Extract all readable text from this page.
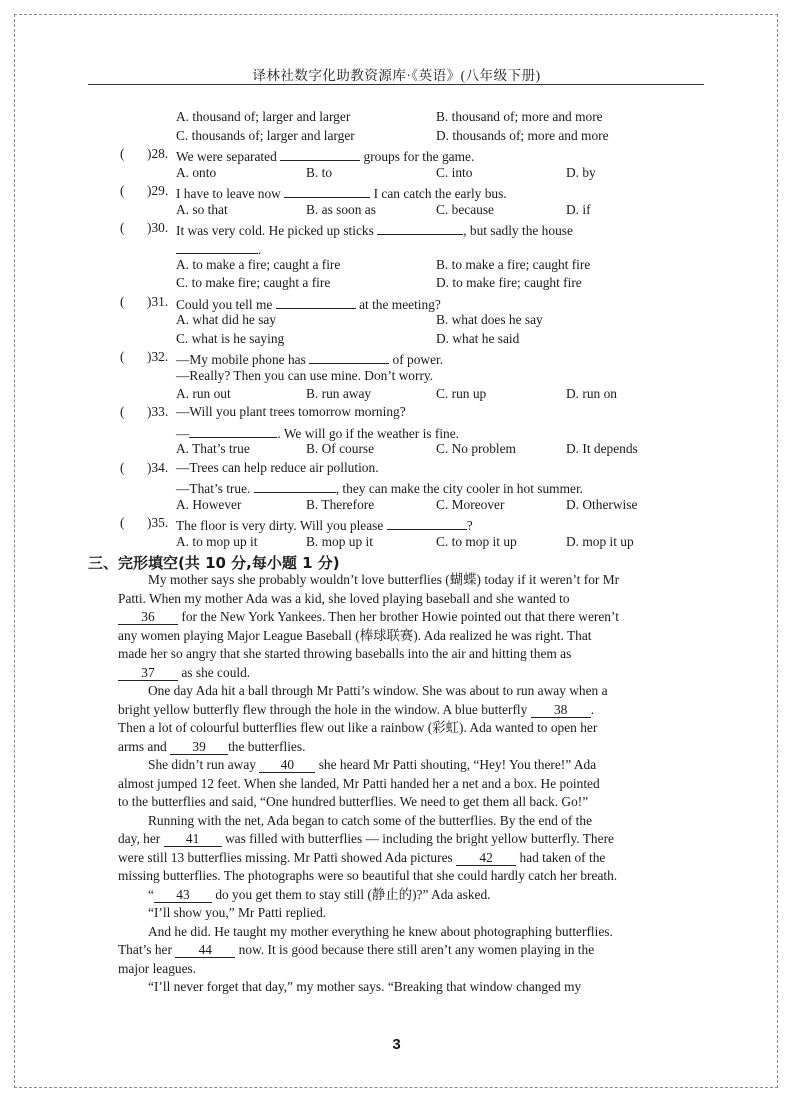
译林社数字化助教资源库·《英语》(八年级下册)
A. thousand of; larger and larger	B. thousand of; more and more
C. thousands of; larger and larger	D. thousands of; more and more
( )28. We were separated	groups for the game.
A. onto	B. to	C. into	D. by
( )29. I have to leave now	I can catch the early bus.
A. so that	B. as soon as	C. because	D. if
( )30. It was very cold. He picked up sticks	, but sadly the house
.
A. to make a fire; caught a fire	B. to make a fire; caught fire
C. to make fire; caught a fire	D. to make fire; caught fire
( )31. Could you tell me	at the meeting?
A. what did he say	B. what does he say
C. what is he saying	D. what he said
( )32. —My mobile phone has	of power.
—Really? Then you can use mine. Don’t worry.
A. run out	B. run away	C. run up	D. run on
( )33. —Will you plant trees tomorrow morning?
—	. We will go if the weather is fine.
A. That’s true	B. Of course	C. No problem	D. It depends
( )34. —Trees can help reduce air pollution.
—That’s true.	, they can make the city cooler in hot summer.
A. However	B. Therefore	C. Moreover	D. Otherwise
( )35. The floor is very dirty. Will you please	?
A. to mop up it	B. mop up it	C. to mop it up	D. mop it up
三、完形填空(共 10 分,每小题 1 分)
My mother says she probably wouldn’t love butterflies (蝴蝶) today if it weren’t for Mr
Patti. When my mother Ada was a kid, she loved playing baseball and she wanted to
36 for the New York Yankees. Then her brother Howie pointed out that there weren’t
any women playing Major League Baseball (棒球联赛). Ada realized he was right. That
made her so angry that she started throwing baseballs into the air and hitting them as
37 as she could.
One day Ada hit a ball through Mr Patti’s window. She was about to run away when a
bright yellow butterfly flew through the hole in the window. A blue butterfly 38 .
Then a lot of colourful butterflies flew out like a rainbow (彩虹). Ada wanted to open her
arms and 39 the butterflies.
She didn’t run away 40 she heard Mr Patti shouting, “Hey! You there!” Ada
almost jumped 12 feet. When she landed, Mr Patti handed her a net and a box. He pointed
to the butterflies and said, “One hundred butterflies. We need to get them all back. Go!”
Running with the net, Ada began to catch some of the butterflies. By the end of the
day, her 41 was filled with butterflies — including the bright yellow butterfly. There
were still 13 butterflies missing. Mr Patti showed Ada pictures 42 had taken of the
missing butterflies. The photographs were so beautiful that she could hardly catch her breath.
“ 43 do you get them to stay still (静止的)?” Ada asked.
“I’ll show you,” Mr Patti replied.
And he did. He taught my mother everything he knew about photographing butterflies.
That’s her 44 now. It is good because there still aren’t any women playing in the
major leagues.
“I’ll never forget that day,” my mother says. “Breaking that window changed my
3
